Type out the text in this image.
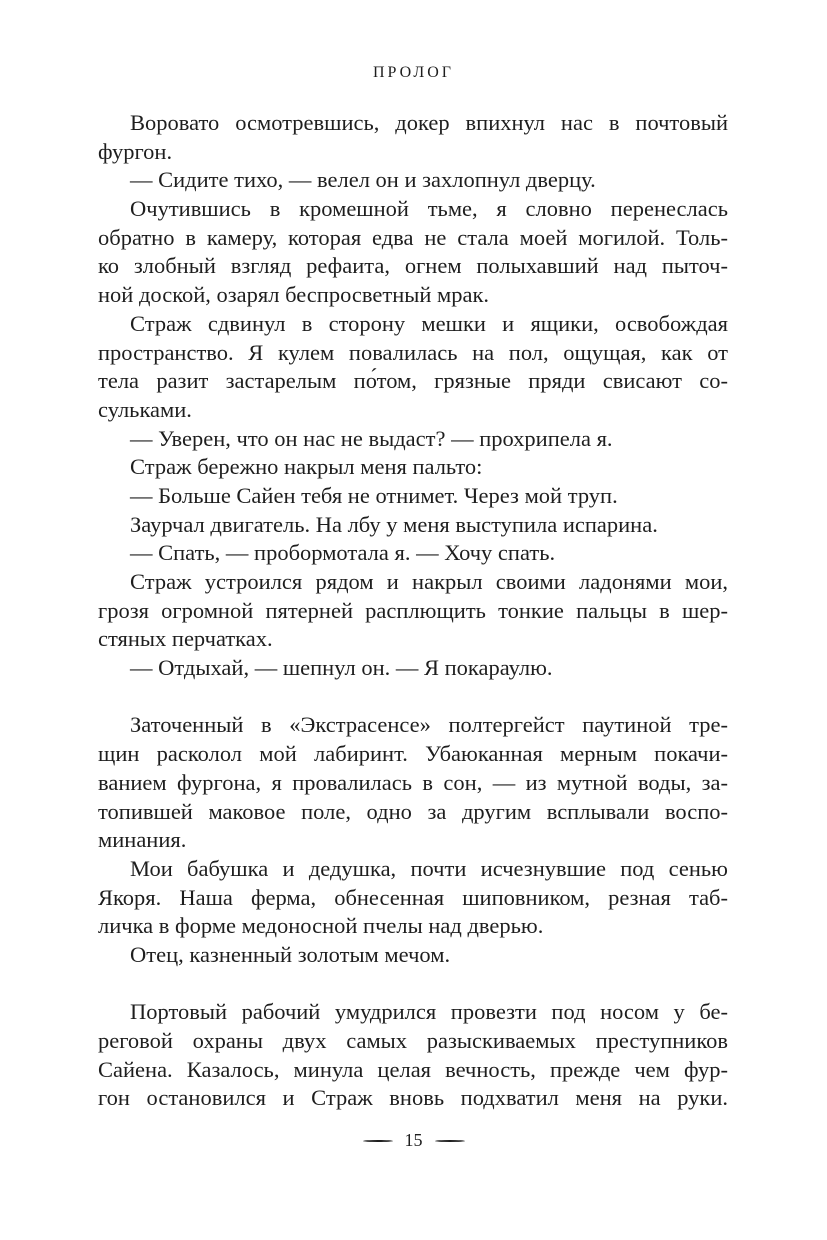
ПРОЛОГ
Воровато осмотревшись, докер впихнул нас в почтовый
фургон.
— Сидите тихо, — велел он и захлопнул дверцу.
Очутившись в кромешной тьме, я словно перенеслась
обратно в камеру, которая едва не стала моей могилой. Толь-
ко злобный взгляд рефаита, огнем полыхавший над пыточ-
ной доской, озарял беспросветный мрак.
Страж сдвинул в сторону мешки и ящики, освобождая
пространство. Я кулем повалилась на пол, ощущая, как от
тела разит застарелым по́том, грязные пряди свисают со-
сульками.
— Уверен, что он нас не выдаст? — прохрипела я.
Страж бережно накрыл меня пальто:
— Больше Сайен тебя не отнимет. Через мой труп.
Заурчал двигатель. На лбу у меня выступила испарина.
— Спать, — пробормотала я. — Хочу спать.
Страж устроился рядом и накрыл своими ладонями мои,
грозя огромной пятерней расплющить тонкие пальцы в шер-
стяных перчатках.
— Отдыхай, — шепнул он. — Я покараулю.
Заточенный в «Экстрасенсе» полтергейст паутиной тре-
щин расколол мой лабиринт. Убаюканная мерным покачи-
ванием фургона, я провалилась в сон, — из мутной воды, за-
топившей маковое поле, одно за другим всплывали воспо-
минания.
Мои бабушка и дедушка, почти исчезнувшие под сенью
Якоря. Наша ферма, обнесенная шиповником, резная таб-
личка в форме медоносной пчелы над дверью.
Отец, казненный золотым мечом.
Портовый рабочий умудрился провезти под носом у бе-
реговой охраны двух самых разыскиваемых преступников
Сайена. Казалось, минула целая вечность, прежде чем фур-
гон остановился и Страж вновь подхватил меня на руки.
15
